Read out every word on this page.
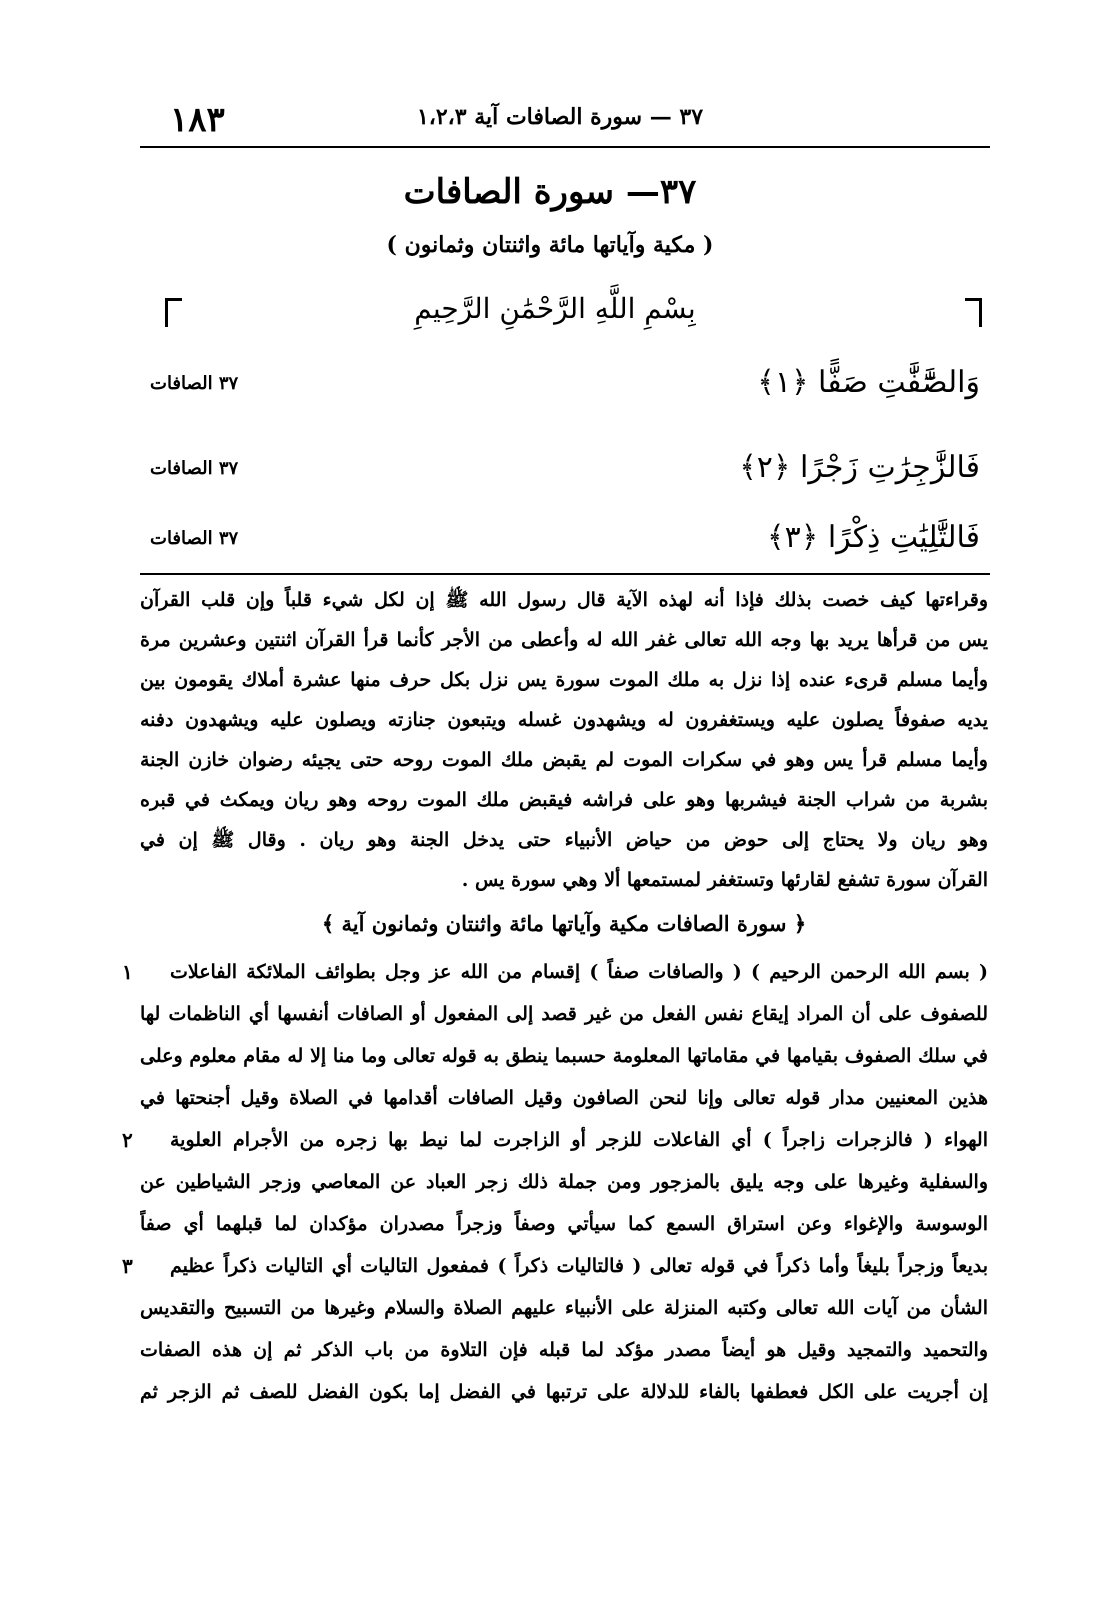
١٨٣	٣٧ — سورة الصافات آية ١،٢،٣
٣٧— سورة الصافات
( مكية وآياتها مائة واثنتان وثمانون )
بِسْمِ اللَّهِ الرَّحْمَٰنِ الرَّحِيمِ
وَالصَّٰٓفَّٰتِ صَفًّا ﴿١﴾
٣٧ الصافات
فَالزَّٰجِرَٰتِ زَجْرًا ﴿٢﴾
٣٧ الصافات
فَالتَّٰلِيَٰتِ ذِكْرًا ﴿٣﴾
٣٧ الصافات
وقراءتها كيف خصت بذلك فإذا أنه لهذه الآية قال رسول الله ﷺ إن لكل شيء قلباً وإن قلب القرآن
يس من قرأها يريد بها وجه الله تعالى غفر الله له وأعطى من الأجر كأنما قرأ القرآن اثنتين وعشرين مرة
وأيما مسلم قرىء عنده إذا نزل به ملك الموت سورة يس نزل بكل حرف منها عشرة أملاك يقومون بين
يديه صفوفاً يصلون عليه ويستغفرون له ويشهدون غسله ويتبعون جنازته ويصلون عليه ويشهدون دفنه
وأيما مسلم قرأ يس وهو في سكرات الموت لم يقبض ملك الموت روحه حتى يجيئه رضوان خازن الجنة
بشربة من شراب الجنة فيشربها وهو على فراشه فيقبض ملك الموت روحه وهو ريان ويمكث في قبره
وهو ريان ولا يحتاج إلى حوض من حياض الأنبياء حتى يدخل الجنة وهو ريان . وقال ﷺ إن في
القرآن سورة تشفع لقارئها وتستغفر لمستمعها ألا وهي سورة يس .
﴿ سورة الصافات مكية وآياتها مائة واثنتان وثمانون آية ﴾
( بسم الله الرحمن الرحيم ) ( والصافات صفاً ) إقسام من الله عز وجل بطوائف الملائكة الفاعلات
للصفوف على أن المراد إيقاع نفس الفعل من غير قصد إلى المفعول أو الصافات أنفسها أي الناظمات لها
في سلك الصفوف بقيامها في مقاماتها المعلومة حسبما ينطق به قوله تعالى وما منا إلا له مقام معلوم وعلى
هذين المعنيين مدار قوله تعالى وإنا لنحن الصافون وقيل الصافات أقدامها في الصلاة وقيل أجنحتها في
الهواء ( فالزجرات زاجراً ) أي الفاعلات للزجر أو الزاجرت لما نيط بها زجره من الأجرام العلوية
والسفلية وغيرها على وجه يليق بالمزجور ومن جملة ذلك زجر العباد عن المعاصي وزجر الشياطين عن
الوسوسة والإغواء وعن استراق السمع كما سيأتي وصفاً وزجراً مصدران مؤكدان لما قبلهما أي صفاً
بديعاً وزجراً بليغاً وأما ذكراً في قوله تعالى ( فالتاليات ذكراً ) فمفعول التاليات أي التاليات ذكراً عظيم
الشأن من آيات الله تعالى وكتبه المنزلة على الأنبياء عليهم الصلاة والسلام وغيرها من التسبيح والتقديس
والتحميد والتمجيد وقيل هو أيضاً مصدر مؤكد لما قبله فإن التلاوة من باب الذكر ثم إن هذه الصفات
إن أجريت على الكل فعطفها بالفاء للدلالة على ترتبها في الفضل إما بكون الفضل للصف ثم الزجر ثم
١
٢
٣
